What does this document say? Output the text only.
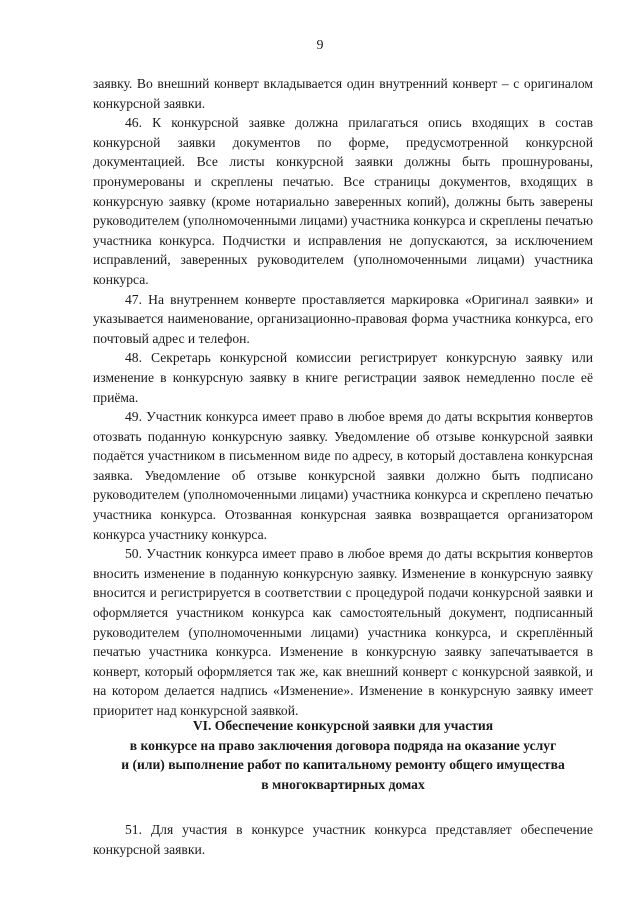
9

заявку. Во внешний конверт вкладывается один внутренний конверт – с оригиналом конкурсной заявки.

46. К конкурсной заявке должна прилагаться опись входящих в состав конкурсной заявки документов по форме, предусмотренной конкурсной документацией. Все листы конкурсной заявки должны быть прошнурованы, пронумерованы и скреплены печатью. Все страницы документов, входящих в конкурсную заявку (кроме нотариально заверенных копий), должны быть заверены руководителем (уполномоченными лицами) участника конкурса и скреплены печатью участника конкурса. Подчистки и исправления не допускаются, за исключением исправлений, заверенных руководителем (уполномоченными лицами) участника конкурса.

47. На внутреннем конверте проставляется маркировка «Оригинал заявки» и указывается наименование, организационно-правовая форма участника конкурса, его почтовый адрес и телефон.

48. Секретарь конкурсной комиссии регистрирует конкурсную заявку или изменение в конкурсную заявку в книге регистрации заявок немедленно после её приёма.

49. Участник конкурса имеет право в любое время до даты вскрытия конвертов отозвать поданную конкурсную заявку. Уведомление об отзыве конкурсной заявки подаётся участником в письменном виде по адресу, в который доставлена конкурсная заявка. Уведомление об отзыве конкурсной заявки должно быть подписано руководителем (уполномоченными лицами) участника конкурса и скреплено печатью участника конкурса. Отозванная конкурсная заявка возвращается организатором конкурса участнику конкурса.

50. Участник конкурса имеет право в любое время до даты вскрытия конвертов вносить изменение в поданную конкурсную заявку. Изменение в конкурсную заявку вносится и регистрируется в соответствии с процедурой подачи конкурсной заявки и оформляется участником конкурса как самостоятельный документ, подписанный руководителем (уполномоченными лицами) участника конкурса, и скреплённый печатью участника конкурса. Изменение в конкурсную заявку запечатывается в конверт, который оформляется так же, как внешний конверт с конкурсной заявкой, и на котором делается надпись «Изменение». Изменение в конкурсную заявку имеет приоритет над конкурсной заявкой.

VI. Обеспечение конкурсной заявки для участия
в конкурсе на право заключения договора подряда на оказание услуг
и (или) выполнение работ по капитальному ремонту общего имущества
в многоквартирных домах

51. Для участия в конкурсе участник конкурса представляет обеспечение конкурсной заявки.
